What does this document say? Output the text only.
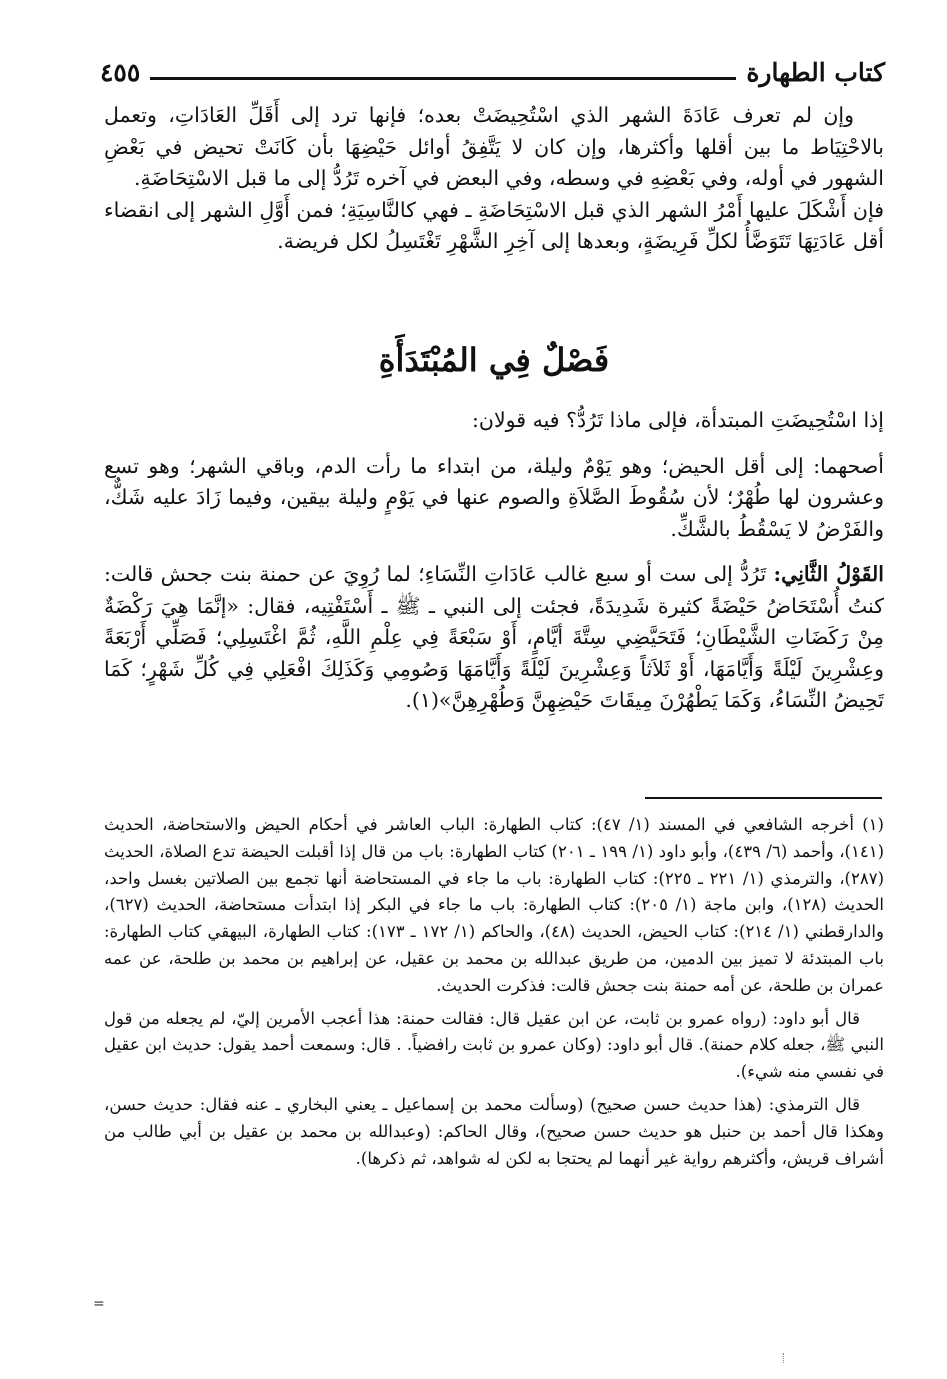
كتاب الطهارة
٤٥٥

وإن لم تعرف عَادَةَ الشهر الذي اسْتُحِيضَتْ بعده؛ فإنها ترد إلى أَقَلِّ العَادَاتِ، وتعمل بالاحْتِيَاط ما بين أقلها وأكثرها، وإن كان لا يَتَّفِقُ أوائل حَيْضِهَا بأن كَانَتْ تحيض في بَعْضِ الشهور في أوله، وفي بَعْضِهِ في وسطه، وفي البعض في آخره تَرُدُّ إلى ما قبل الاسْتِحَاضَةِ.

فإن أَشْكَلَ عليها أَمْرُ الشهر الذي قبل الاسْتِحَاضَةِ ـ فهي كالنَّاسِيَةِ؛ فمن أَوَّلِ الشهر إلى انقضاء أقل عَادَتِهَا تَتَوَضَّأُ لكلِّ فَرِيضَةٍ، وبعدها إلى آخِرِ الشَّهْرِ تَغْتَسِلُ لكل فريضة.

فَصْلٌ فِي المُبْتَدَأَةِ

إذا اسْتُحِيضَتِ المبتدأة، فإلى ماذا تَرُدُّ؟ فيه قولان:

أصحهما: إلى أقل الحيض؛ وهو يَوْمٌ وليلة، من ابتداء ما رأت الدم، وباقي الشهر؛ وهو تسع وعشرون لها طُهْرٌ؛ لأن سُقُوطَ الصَّلاَةِ والصوم عنها في يَوْمٍ وليلة بيقين، وفيما زَادَ عليه شَكٌّ، والفَرْضُ لا يَسْقُطُ بالشَّكِّ.

القَوْلُ الثَّانِي: تَرُدُّ إلى ست أو سبع غالب عَادَاتِ النِّسَاءِ؛ لما رُوِيَ عن حمنة بنت جحش قالت: كنتُ أُسْتَحَاضُ حَيْضَةً كثيرة شَدِيدَةً، فجئت إلى النبي ـ ﷺ ـ أَسْتَفْتِيه، فقال: «إنَّمَا هِيَ رَكْضَةٌ مِنْ رَكَضَاتِ الشَّيْطَانِ؛ فَتَحَيَّضِي سِتَّةَ أيَّامٍ، أَوْ سَبْعَةً فِي عِلْمِ اللَّهِ، ثُمَّ اغْتَسِلِي؛ فَصَلِّي أَرْبَعَةً وعِشْرِينَ لَيْلَةً وَأَيَّامَهَا، أَوْ ثَلاَثاً وَعِشْرِينَ لَيْلَةً وَأَيَّامَهَا وَصُومِي وَكَذَلِكَ افْعَلِي فِي كُلِّ شَهْرٍ؛ كَمَا تَحِيضُ النِّسَاءُ، وَكَمَا يَطْهُرْنَ مِيقَاتَ حَيْضِهِنَّ وَطُهْرِهِنَّ»(١).

(١) أخرجه الشافعي في المسند (١/ ٤٧): كتاب الطهارة: الباب العاشر في أحكام الحيض والاستحاضة، الحديث (١٤١)، وأحمد (٦/ ٤٣٩)، وأبو داود (١/ ١٩٩ ـ ٢٠١) كتاب الطهارة: باب من قال إذا أقبلت الحيضة تدع الصلاة، الحديث (٢٨٧)، والترمذي (١/ ٢٢١ ـ ٢٢٥): كتاب الطهارة: باب ما جاء في المستحاضة أنها تجمع بين الصلاتين بغسل واحد، الحديث (١٢٨)، وابن ماجة (١/ ٢٠٥): كتاب الطهارة: باب ما جاء في البكر إذا ابتدأت مستحاضة، الحديث (٦٢٧)، والدارقطني (١/ ٢١٤): كتاب الحيض، الحديث (٤٨)، والحاكم (١/ ١٧٢ ـ ١٧٣): كتاب الطهارة، البيهقي كتاب الطهارة: باب المبتدئة لا تميز بين الدمين، من طريق عبدالله بن محمد بن عقيل، عن إبراهيم بن محمد بن طلحة، عن عمه عمران بن طلحة، عن أمه حمنة بنت جحش قالت: فذكرت الحديث.

قال أبو داود: (رواه عمرو بن ثابت، عن ابن عقيل قال: فقالت حمنة: هذا أعجب الأمرين إليّ، لم يجعله من قول النبي ﷺ، جعله كلام حمنة). قال أبو داود: (وكان عمرو بن ثابت رافضياً. . قال: وسمعت أحمد يقول: حديث ابن عقيل في نفسي منه شيء).

قال الترمذي: (هذا حديث حسن صحيح) (وسألت محمد بن إسماعيل ـ يعني البخاري ـ عنه فقال: حديث حسن، وهكذا قال أحمد بن حنبل هو حديث حسن صحيح)، وقال الحاكم: (وعبدالله بن محمد بن عقيل بن أبي طالب من أشراف قريش، وأكثرهم رواية غير أنهما لم يحتجا به لكن له شواهد، ثم ذكرها).

=
